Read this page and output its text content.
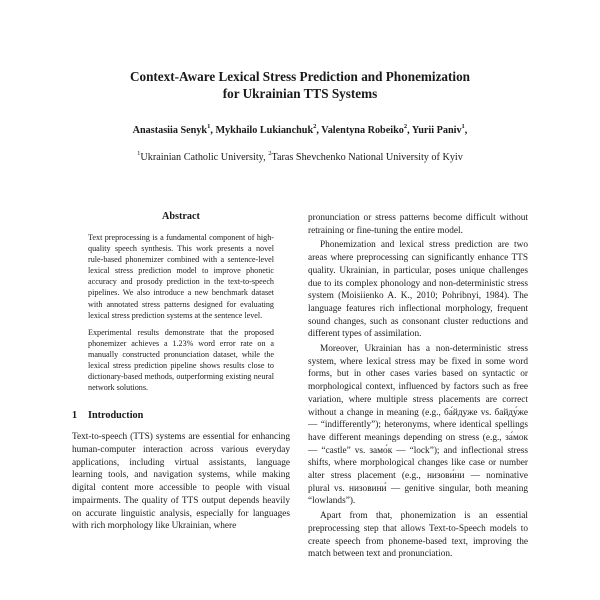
Context-Aware Lexical Stress Prediction and Phonemization
for Ukrainian TTS Systems
Anastasiia Senyk$^1$, Mykhailo Lukianchuk$^2$, Valentyna Robeiko$^2$, Yurii Paniv$^1$,
$^1$Ukrainian Catholic University, $^2$Taras Shevchenko National University of Kyiv
Abstract

Text preprocessing is a fundamental component of high-quality speech synthesis. This work presents a novel rule-based phonemizer combined with a sentence-level lexical stress prediction model to improve phonetic accuracy and prosody prediction in the text-to-speech pipelines. We also introduce a new benchmark dataset with annotated stress patterns designed for evaluating lexical stress prediction systems at the sentence level.

Experimental results demonstrate that the proposed phonemizer achieves a 1.23% word error rate on a manually constructed pronunciation dataset, while the lexical stress prediction pipeline shows results close to dictionary-based methods, outperforming existing neural network solutions.

1 Introduction

Text-to-speech (TTS) systems are essential for enhancing human-computer interaction across various everyday applications, including virtual assistants, language learning tools, and navigation systems, while making digital content more accessible to people with visual impairments. The quality of TTS output depends heavily on accurate linguistic analysis, especially for languages with rich morphology like Ukrainian, where

pronunciation or stress patterns become difficult without retraining or fine-tuning the entire model.

Phonemization and lexical stress prediction are two areas where preprocessing can significantly enhance TTS quality. Ukrainian, in particular, poses unique challenges due to its complex phonology and non-deterministic stress system (Moisiienko A. K., 2010; Pohribnyi, 1984). The language features rich inflectional morphology, frequent sound changes, such as consonant cluster reductions and different types of assimilation.

Moreover, Ukrainian has a non-deterministic stress system, where lexical stress may be fixed in some word forms, but in other cases varies based on syntactic or morphological context, influenced by factors such as free variation, where multiple stress placements are correct without a change in meaning (e.g., ба́йдуже vs. байду́же — “indifferently”); heteronyms, where identical spellings have different meanings depending on stress (e.g., за́мок — “castle” vs. замо́к — “lock”); and inflectional stress shifts, where morphological changes like case or number alter stress placement (e.g., низови́ни — nominative plural vs. низовини́ — genitive singular, both meaning “lowlands”).

Apart from that, phonemization is an essential preprocessing step that allows Text-to-Speech models to create speech from phoneme-based text, improving the match between text and pronunciation.
